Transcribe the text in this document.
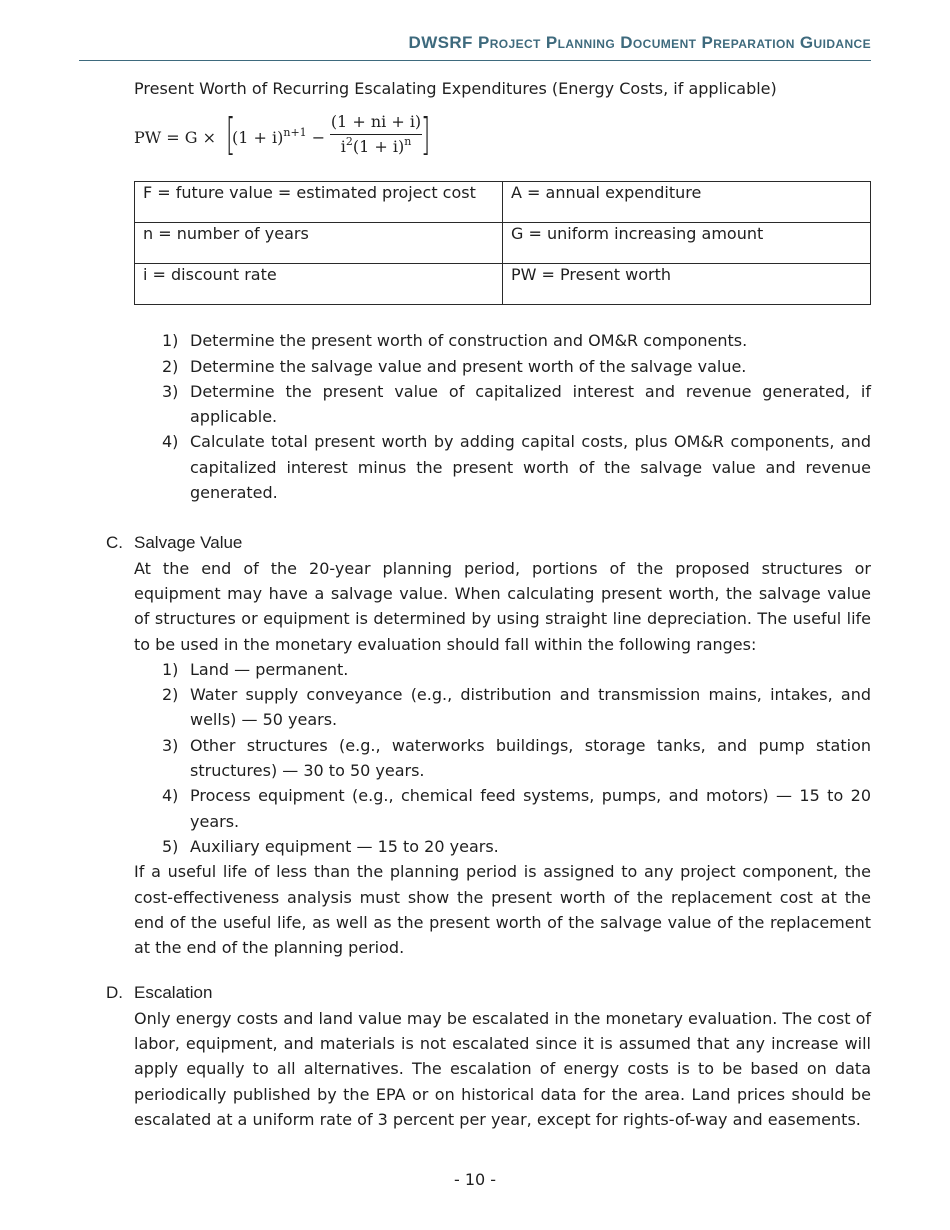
DWSRF Project Planning Document Preparation Guidance

Present Worth of Recurring Escalating Expenditures (Energy Costs, if applicable)

PW = G × [
$(1 + i)^{n+1} - \frac{(1 + ni + i)}{i^2(1 + i)^n}$
]
F = future value = estimated project cost	A = annual expenditure
n = number of years	G = uniform increasing amount
i = discount rate	PW = Present worth
1) Determine the present worth of construction and OM&R components.
2) Determine the salvage value and present worth of the salvage value.
3) Determine the present value of capitalized interest and revenue generated, if applicable.
4) Calculate total present worth by adding capital costs, plus OM&R components, and capitalized interest minus the present worth of the salvage value and revenue generated.
C. Salvage Value

At the end of the 20-year planning period, portions of the proposed structures or equipment may have a salvage value. When calculating present worth, the salvage value of structures or equipment is determined by using straight line depreciation. The useful life to be used in the monetary evaluation should fall within the following ranges:

1) Land — permanent.
2) Water supply conveyance (e.g., distribution and transmission mains, intakes, and wells) — 50 years.
3) Other structures (e.g., waterworks buildings, storage tanks, and pump station structures) — 30 to 50 years.
4) Process equipment (e.g., chemical feed systems, pumps, and motors) — 15 to 20 years.
5) Auxiliary equipment — 15 to 20 years.

If a useful life of less than the planning period is assigned to any project component, the cost-effectiveness analysis must show the present worth of the replacement cost at the end of the useful life, as well as the present worth of the salvage value of the replacement at the end of the planning period.

D. Escalation

Only energy costs and land value may be escalated in the monetary evaluation. The cost of labor, equipment, and materials is not escalated since it is assumed that any increase will apply equally to all alternatives. The escalation of energy costs is to be based on data periodically published by the EPA or on historical data for the area. Land prices should be escalated at a uniform rate of 3 percent per year, except for rights-of-way and easements.

- 10 -
